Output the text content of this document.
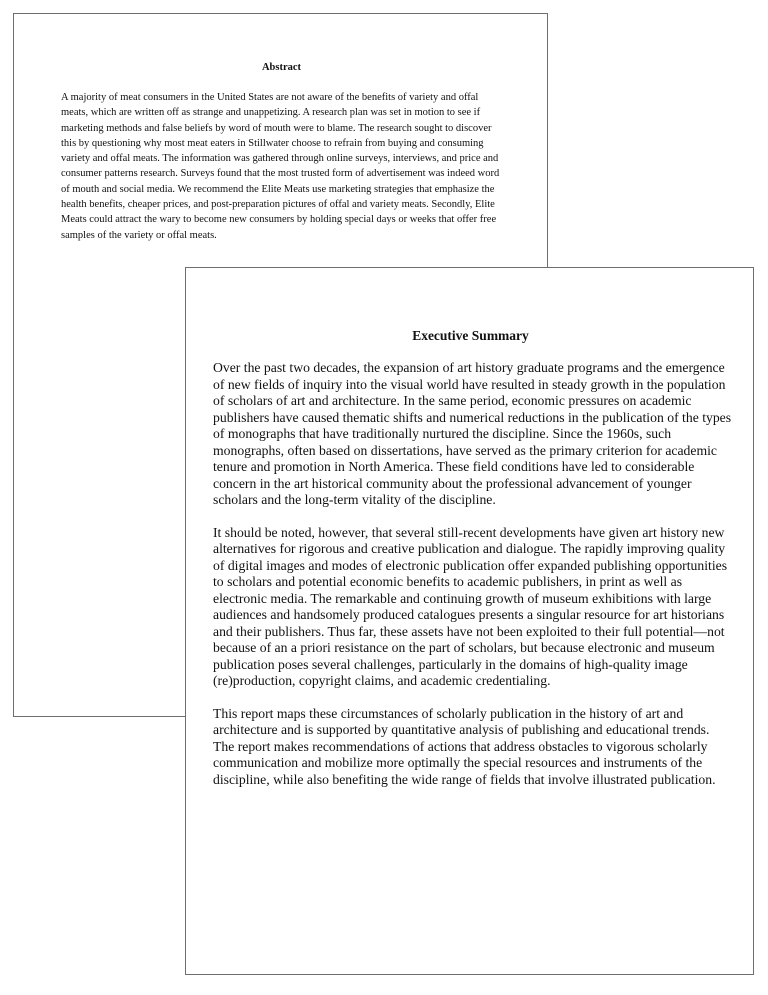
Abstract

A majority of meat consumers in the United States are not aware of the benefits of variety and offal meats, which are written off as strange and unappetizing. A research plan was set in motion to see if marketing methods and false beliefs by word of mouth were to blame. The research sought to discover this by questioning why most meat eaters in Stillwater choose to refrain from buying and consuming variety and offal meats. The information was gathered through online surveys, interviews, and price and consumer patterns research. Surveys found that the most trusted form of advertisement was indeed word of mouth and social media. We recommend the Elite Meats use marketing strategies that emphasize the health benefits, cheaper prices, and post-preparation pictures of offal and variety meats. Secondly, Elite Meats could attract the wary to become new consumers by holding special days or weeks that offer free samples of the variety or offal meats.

Executive Summary

Over the past two decades, the expansion of art history graduate programs and the emergence of new fields of inquiry into the visual world have resulted in steady growth in the population of scholars of art and architecture. In the same period, economic pressures on academic publishers have caused thematic shifts and numerical reductions in the publication of the types of monographs that have traditionally nurtured the discipline. Since the 1960s, such monographs, often based on dissertations, have served as the primary criterion for academic tenure and promotion in North America. These field conditions have led to considerable concern in the art historical community about the professional advancement of younger scholars and the long-term vitality of the discipline.

It should be noted, however, that several still-recent developments have given art history new alternatives for rigorous and creative publication and dialogue. The rapidly improving quality of digital images and modes of electronic publication offer expanded publishing opportunities to scholars and potential economic benefits to academic publishers, in print as well as electronic media. The remarkable and continuing growth of museum exhibitions with large audiences and handsomely produced catalogues presents a singular resource for art historians and their publishers. Thus far, these assets have not been exploited to their full potential—not because of an a priori resistance on the part of scholars, but because electronic and museum publication poses several challenges, particularly in the domains of high-quality image (re)production, copyright claims, and academic credentialing.

This report maps these circumstances of scholarly publication in the history of art and architecture and is supported by quantitative analysis of publishing and educational trends. The report makes recommendations of actions that address obstacles to vigorous scholarly communication and mobilize more optimally the special resources and instruments of the discipline, while also benefiting the wide range of fields that involve illustrated publication.
